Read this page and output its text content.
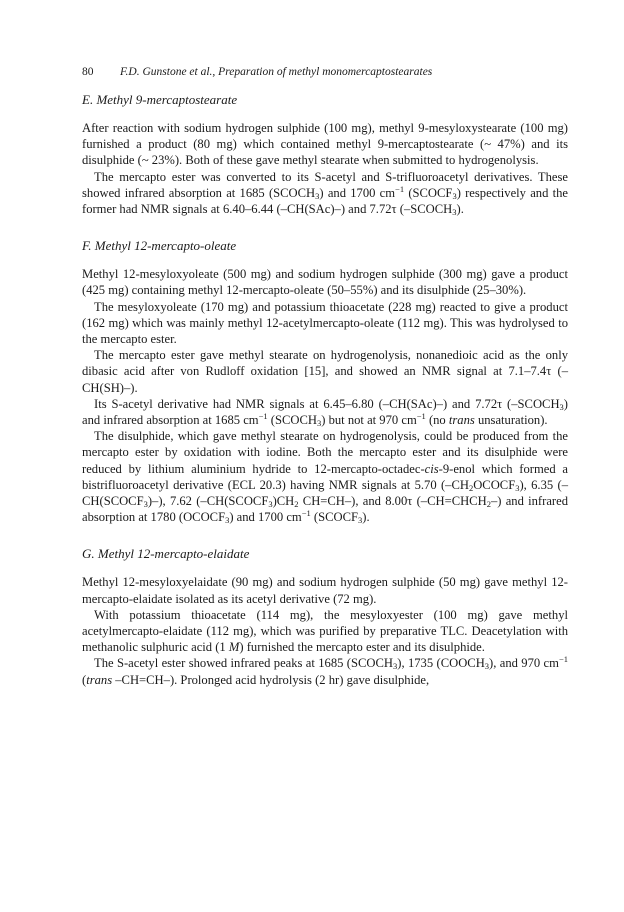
80	F.D. Gunstone et al., Preparation of methyl monomercaptostearates
E. Methyl 9-mercaptostearate

After reaction with sodium hydrogen sulphide (100 mg), methyl 9-mesyloxystearate (100 mg) furnished a product (80 mg) which contained methyl 9-mercaptostearate (~ 47%) and its disulphide (~ 23%). Both of these gave methyl stearate when submitted to hydrogenolysis.

The mercapto ester was converted to its S-acetyl and S-trifluoroacetyl derivatives. These showed infrared absorption at 1685 $(SCOCH_3)$ and 1700 $cm^{-1}$ $(SCOCF_3)$ respectively and the former had NMR signals at 6.40–6.44 (–CH(SAc)–) and 7.72τ $(-SCOCH_3)$.

F. Methyl 12-mercapto-oleate

Methyl 12-mesyloxyoleate (500 mg) and sodium hydrogen sulphide (300 mg) gave a product (425 mg) containing methyl 12-mercapto-oleate (50–55%) and its disulphide (25–30%).

The mesyloxyoleate (170 mg) and potassium thioacetate (228 mg) reacted to give a product (162 mg) which was mainly methyl 12-acetylmercapto-oleate (112 mg). This was hydrolysed to the mercapto ester.

The mercapto ester gave methyl stearate on hydrogenolysis, nonanedioic acid as the only dibasic acid after von Rudloff oxidation [15], and showed an NMR signal at 7.1–7.4τ (–CH(SH)–).

Its S-acetyl derivative had NMR signals at 6.45–6.80 (–CH(SAc)–) and 7.72τ $(-SCOCH_3)$ and infrared absorption at 1685 $cm^{-1}$ $(SCOCH_3)$ but not at 970 $cm^{-1}$ (no trans unsaturation).

The disulphide, which gave methyl stearate on hydrogenolysis, could be produced from the mercapto ester by oxidation with iodine. Both the mercapto ester and its disulphide were reduced by lithium aluminium hydride to 12-mercapto-octadec-cis-9-enol which formed a bistrifluoroacetyl derivative (ECL 20.3) having NMR signals at 5.70 $(-CH_2OCOCF_3)$, 6.35 $(-CH(SCOCF_3)-)$, 7.62 ($-CH(SCOCF_3)CH_2$ CH=CH–), and 8.00τ $(-CH=CHCH_2-)$ and infrared absorption at 1780 $(OCOCF_3)$ and 1700 $cm^{-1}$ $(SCOCF_3)$.

G. Methyl 12-mercapto-elaidate

Methyl 12-mesyloxyelaidate (90 mg) and sodium hydrogen sulphide (50 mg) gave methyl 12-mercapto-elaidate isolated as its acetyl derivative (72 mg).

With potassium thioacetate (114 mg), the mesyloxyester (100 mg) gave methyl acetylmercapto-elaidate (112 mg), which was purified by preparative TLC. Deacetylation with methanolic sulphuric acid (1 M) furnished the mercapto ester and its disulphide.

The S-acetyl ester showed infrared peaks at 1685 $(SCOCH_3)$, 1735 $(COOCH_3)$, and 970 $cm^{-1}$ (trans –CH=CH–). Prolonged acid hydrolysis (2 hr) gave disulphide,
